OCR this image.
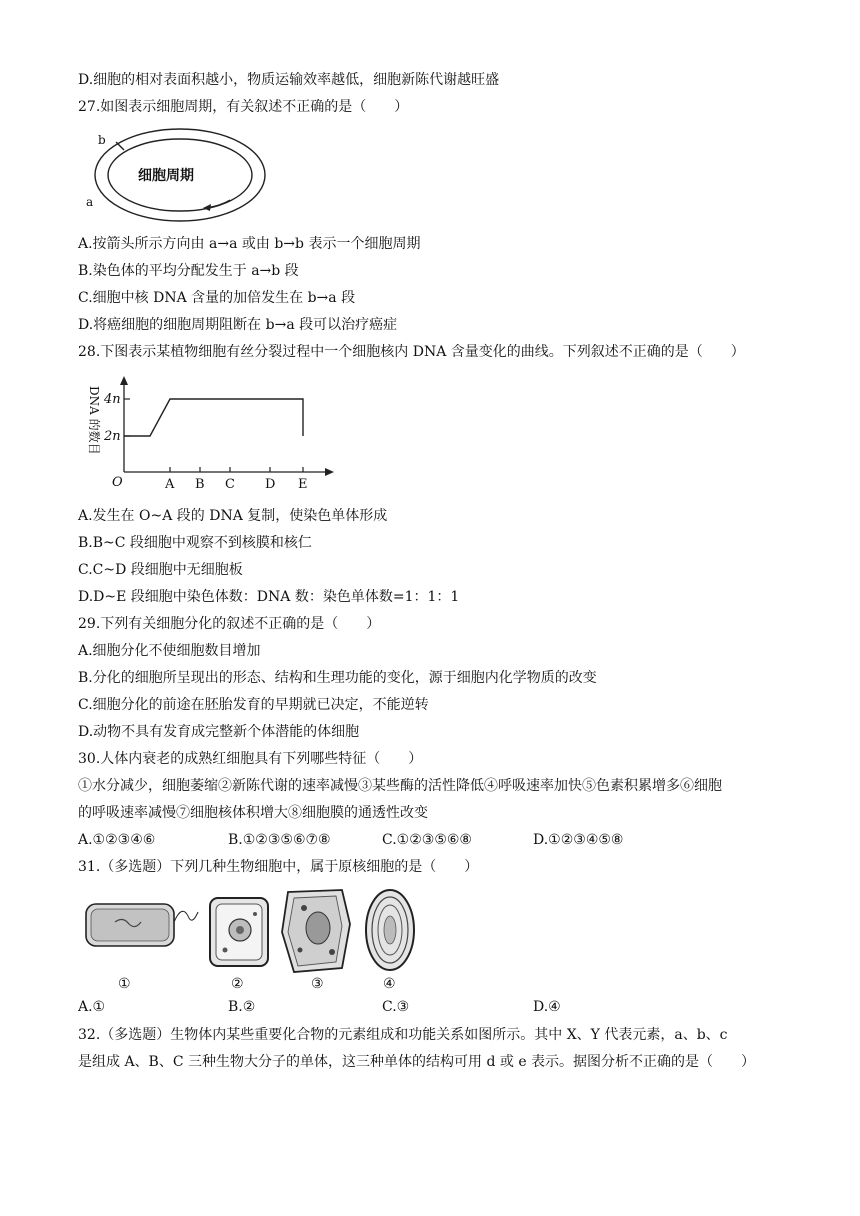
D.细胞的相对表面积越小，物质运输效率越低，细胞新陈代谢越旺盛
27.如图表示细胞周期，有关叙述不正确的是（　　）
细胞周期
b
a
A.按箭头所示方向由 a→a 或由 b→b 表示一个细胞周期
B.染色体的平均分配发生于 a→b 段
C.细胞中核 DNA 含量的加倍发生在 b→a 段
D.将癌细胞的细胞周期阻断在 b→a 段可以治疗癌症
28.下图表示某植物细胞有丝分裂过程中一个细胞核内 DNA 含量变化的曲线。下列叙述不正确的是（　　）
A B C D E
4n
2n
O
DNA 的数目
A.发生在 O~A 段的 DNA 复制，使染色单体形成
B.B~C 段细胞中观察不到核膜和核仁
C.C~D 段细胞中无细胞板
D.D~E 段细胞中染色体数：DNA 数：染色单体数=1：1：1
29.下列有关细胞分化的叙述不正确的是（　　）
A.细胞分化不使细胞数目增加
B.分化的细胞所呈现出的形态、结构和生理功能的变化，源于细胞内化学物质的改变
C.细胞分化的前途在胚胎发育的早期就已决定，不能逆转
D.动物不具有发育成完整新个体潜能的体细胞
30.人体内衰老的成熟红细胞具有下列哪些特征（　　）
①水分减少，细胞萎缩②新陈代谢的速率减慢③某些酶的活性降低④呼吸速率加快⑤色素积累增多⑥细胞
的呼吸速率减慢⑦细胞核体积增大⑧细胞膜的通透性改变
A.①②③④⑥	B.①②③⑤⑥⑦⑧	C.①②③⑤⑥⑧	D.①②③④⑤⑧
31.（多选题）下列几种生物细胞中，属于原核细胞的是（　　）
①	②	③	④
A.①	B.②	C.③	D.④
32.（多选题）生物体内某些重要化合物的元素组成和功能关系如图所示。其中 X、Y 代表元素，a、b、c
是组成 A、B、C 三种生物大分子的单体，这三种单体的结构可用 d 或 e 表示。据图分析不正确的是（　　）
